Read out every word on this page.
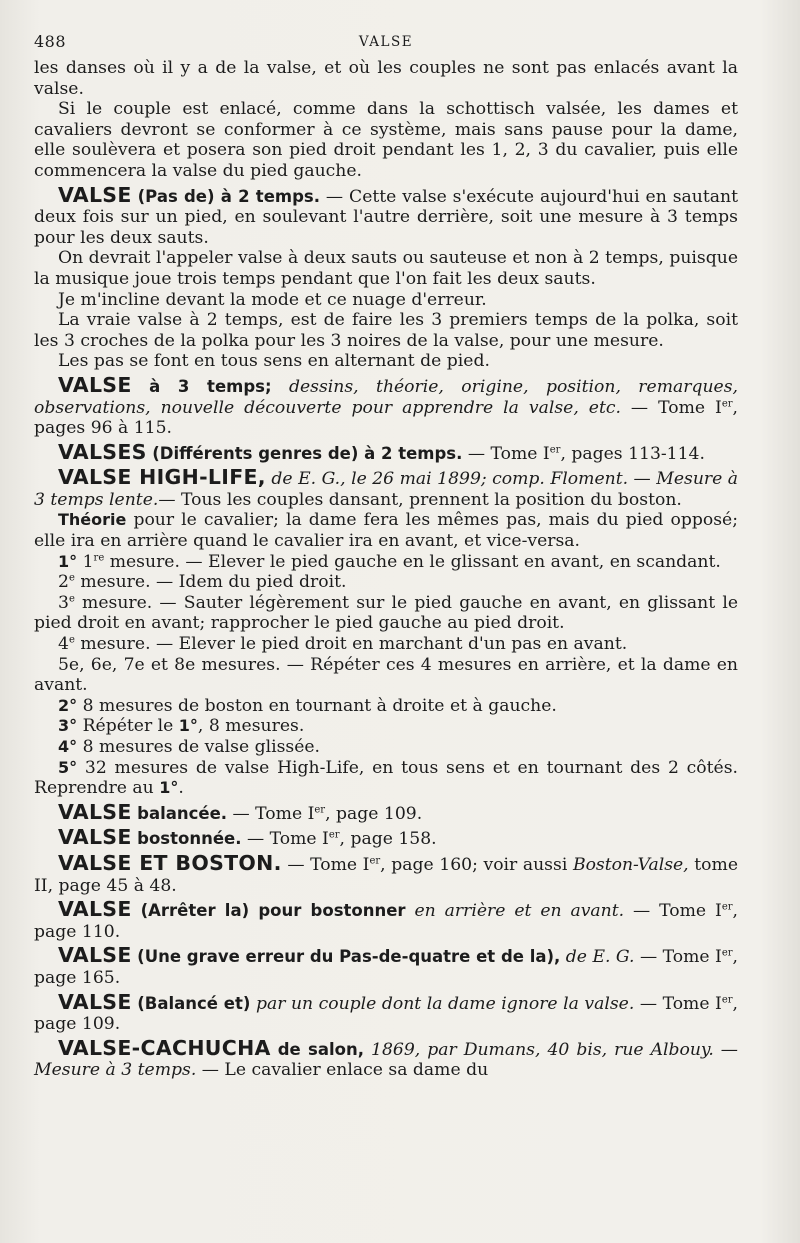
488	VALSE

les danses où il y a de la valse, et où les couples ne sont pas enlacés avant la valse.

Si le couple est enlacé, comme dans la schottisch valsée, les dames et cavaliers devront se conformer à ce système, mais sans pause pour la dame, elle soulèvera et posera son pied droit pendant les 1, 2, 3 du cavalier, puis elle commencera la valse du pied gauche.

VALSE (Pas de) à 2 temps. — Cette valse s'exécute aujourd'hui en sautant deux fois sur un pied, en soulevant l'autre derrière, soit une mesure à 3 temps pour les deux sauts.

On devrait l'appeler valse à deux sauts ou sauteuse et non à 2 temps, puisque la musique joue trois temps pendant que l'on fait les deux sauts.

Je m'incline devant la mode et ce nuage d'erreur.

La vraie valse à 2 temps, est de faire les 3 premiers temps de la polka, soit les 3 croches de la polka pour les 3 noires de la valse, pour une mesure.

Les pas se font en tous sens en alternant de pied.

VALSE à 3 temps; dessins, théorie, origine, position, remarques, observations, nouvelle découverte pour apprendre la valse, etc. — Tome Ier, pages 96 à 115.

VALSES (Différents genres de) à 2 temps. — Tome Ier, pages 113-114.

VALSE HIGH-LIFE, de E. G., le 26 mai 1899; comp. Floment. — Mesure à 3 temps lente.— Tous les couples dansant, prennent la position du boston.

Théorie pour le cavalier; la dame fera les mêmes pas, mais du pied opposé; elle ira en arrière quand le cavalier ira en avant, et vice-versa.

1° 1re mesure. — Elever le pied gauche en le glissant en avant, en scandant.

2e mesure. — Idem du pied droit.

3e mesure. — Sauter légèrement sur le pied gauche en avant, en glissant le pied droit en avant; rapprocher le pied gauche au pied droit.

4e mesure. — Elever le pied droit en marchant d'un pas en avant.

5e, 6e, 7e et 8e mesures. — Répéter ces 4 mesures en arrière, et la dame en avant.

2° 8 mesures de boston en tournant à droite et à gauche.

3° Répéter le 1°, 8 mesures.

4° 8 mesures de valse glissée.

5° 32 mesures de valse High-Life, en tous sens et en tournant des 2 côtés. Reprendre au 1°.

VALSE balancée. — Tome Ier, page 109.

VALSE bostonnée. — Tome Ier, page 158.

VALSE ET BOSTON. — Tome Ier, page 160; voir aussi Boston-Valse, tome II, page 45 à 48.

VALSE (Arrêter la) pour bostonner en arrière et en avant. — Tome Ier, page 110.

VALSE (Une grave erreur du Pas-de-quatre et de la), de E. G. — Tome Ier, page 165.

VALSE (Balancé et) par un couple dont la dame ignore la valse. — Tome Ier, page 109.

VALSE-CACHUCHA de salon, 1869, par Dumans, 40 bis, rue Albouy. — Mesure à 3 temps. — Le cavalier enlace sa dame du
